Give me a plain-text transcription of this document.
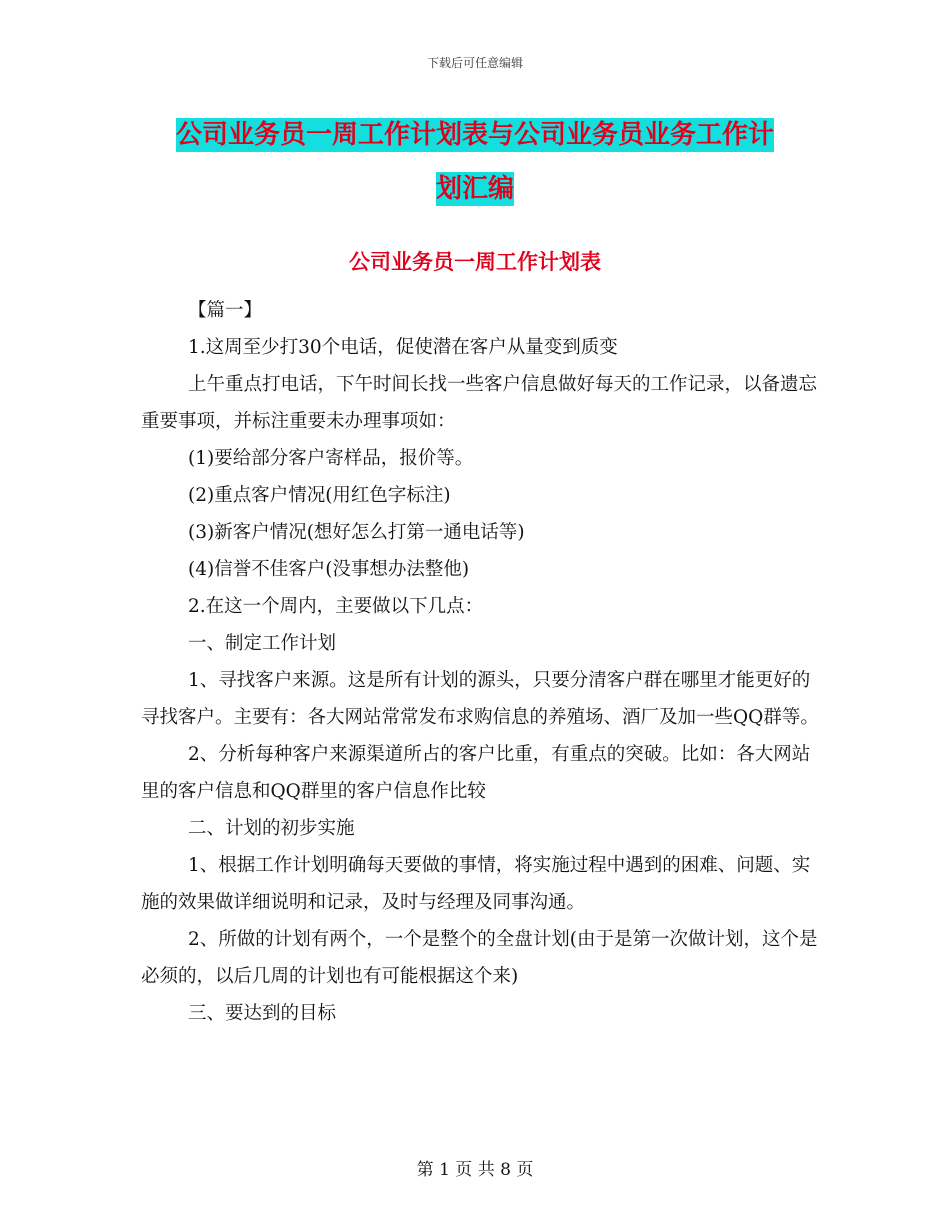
下载后可任意编辑
公司业务员一周工作计划表与公司业务员业务工作计
划汇编
公司业务员一周工作计划表

【篇一】

1.这周至少打30个电话，促使潜在客户从量变到质变

上午重点打电话，下午时间长找一些客户信息做好每天的工作记录，以备遗忘重要事项，并标注重要未办理事项如：

(1)要给部分客户寄样品，报价等。

(2)重点客户情况(用红色字标注)

(3)新客户情况(想好怎么打第一通电话等)

(4)信誉不佳客户(没事想办法整他)

2.在这一个周内，主要做以下几点：

一、制定工作计划

1、寻找客户来源。这是所有计划的源头，只要分清客户群在哪里才能更好的寻找客户。主要有：各大网站常常发布求购信息的养殖场、酒厂及加一些QQ群等。

2、分析每种客户来源渠道所占的客户比重，有重点的突破。比如：各大网站里的客户信息和QQ群里的客户信息作比较

二、计划的初步实施

1、根据工作计划明确每天要做的事情，将实施过程中遇到的困难、问题、实施的效果做详细说明和记录，及时与经理及同事沟通。

2、所做的计划有两个，一个是整个的全盘计划(由于是第一次做计划，这个是必须的，以后几周的计划也有可能根据这个来)

三、要达到的目标

第 1 页 共 8 页
